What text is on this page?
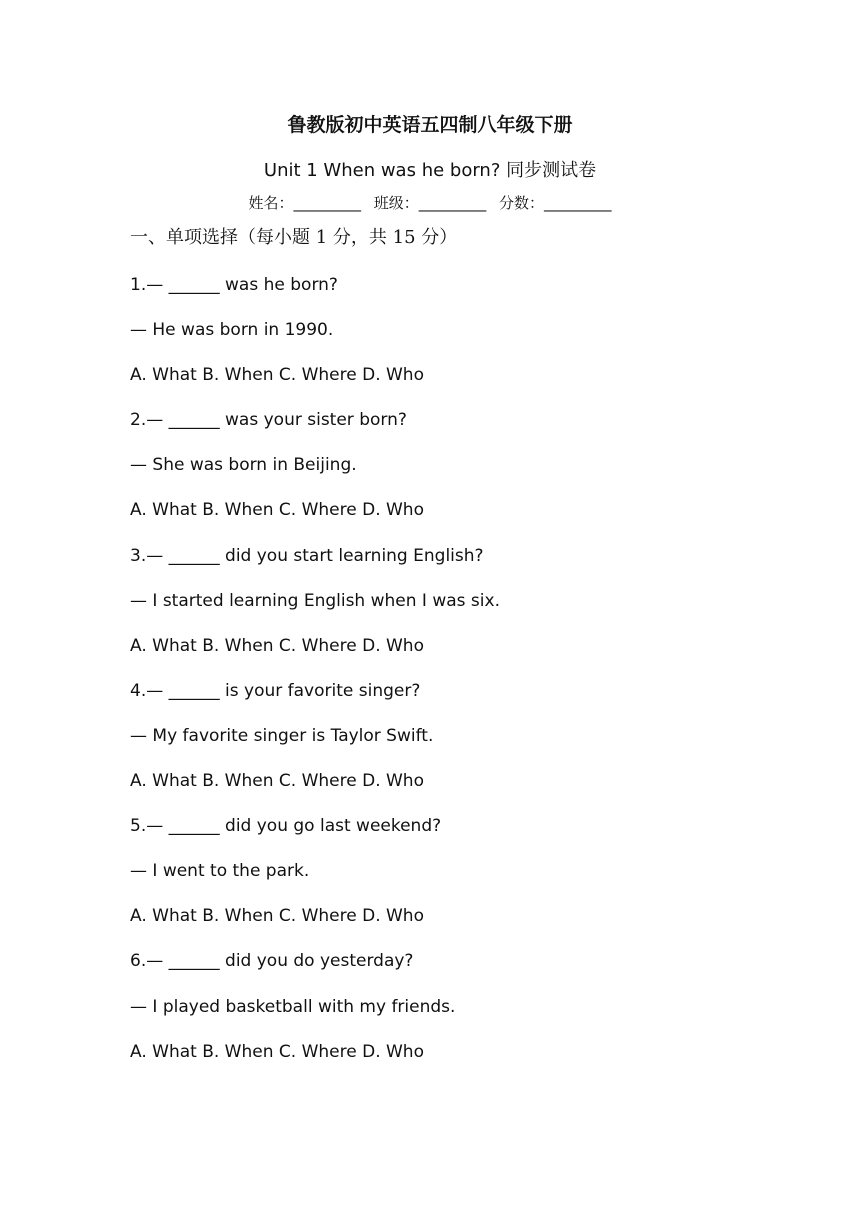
鲁教版初中英语五四制八年级下册
Unit 1 When was he born? 同步测试卷
姓名：_________ 班级：_________ 分数：_________
一、单项选择（每小题 1 分，共 15 分）
1.— ______ was he born?
— He was born in 1990.
A. What B. When C. Where D. Who
2.— ______ was your sister born?
— She was born in Beijing.
A. What B. When C. Where D. Who
3.— ______ did you start learning English?
— I started learning English when I was six.
A. What B. When C. Where D. Who
4.— ______ is your favorite singer?
— My favorite singer is Taylor Swift.
A. What B. When C. Where D. Who
5.— ______ did you go last weekend?
— I went to the park.
A. What B. When C. Where D. Who
6.— ______ did you do yesterday?
— I played basketball with my friends.
A. What B. When C. Where D. Who
